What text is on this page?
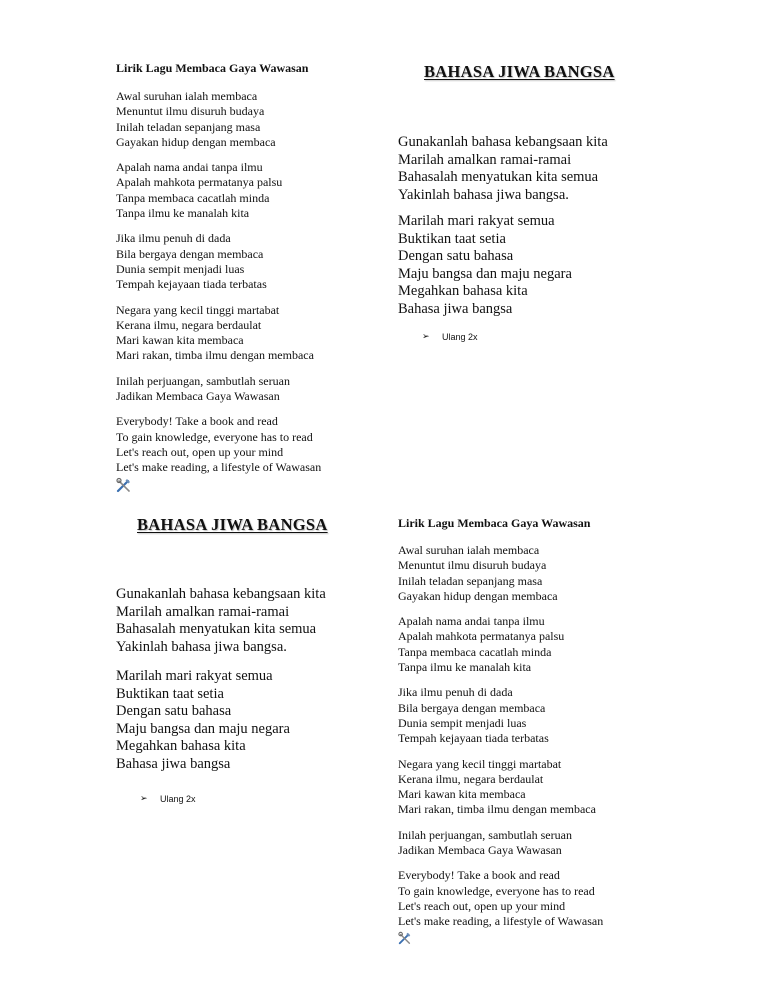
Lirik Lagu Membaca Gaya Wawasan
Awal suruhan ialah membaca
Menuntut ilmu disuruh budaya
Inilah teladan sepanjang masa
Gayakan hidup dengan membaca
Apalah nama andai tanpa ilmu
Apalah mahkota permatanya palsu
Tanpa membaca cacatlah minda
Tanpa ilmu ke manalah kita
Jika ilmu penuh di dada
Bila bergaya dengan membaca
Dunia sempit menjadi luas
Tempah kejayaan tiada terbatas
Negara yang kecil tinggi martabat
Kerana ilmu, negara berdaulat
Mari kawan kita membaca
Mari rakan, timba ilmu dengan membaca
Inilah perjuangan, sambutlah seruan
Jadikan Membaca Gaya Wawasan
Everybody! Take a book and read
To gain knowledge, everyone has to read
Let's reach out, open up your mind
Let's make reading, a lifestyle of Wawasan
BAHASA JIWA BANGSA
Gunakanlah bahasa kebangsaan kita
Marilah amalkan ramai-ramai
Bahasalah menyatukan kita semua
Yakinlah bahasa jiwa bangsa.
Marilah mari rakyat semua
Buktikan taat setia
Dengan satu bahasa
Maju bangsa dan maju negara
Megahkan bahasa kita
Bahasa jiwa bangsa
➢	Ulang 2x
BAHASA JIWA BANGSA
Gunakanlah bahasa kebangsaan kita
Marilah amalkan ramai-ramai
Bahasalah menyatukan kita semua
Yakinlah bahasa jiwa bangsa.
Marilah mari rakyat semua
Buktikan taat setia
Dengan satu bahasa
Maju bangsa dan maju negara
Megahkan bahasa kita
Bahasa jiwa bangsa
➢	Ulang 2x
Lirik Lagu Membaca Gaya Wawasan
Awal suruhan ialah membaca
Menuntut ilmu disuruh budaya
Inilah teladan sepanjang masa
Gayakan hidup dengan membaca
Apalah nama andai tanpa ilmu
Apalah mahkota permatanya palsu
Tanpa membaca cacatlah minda
Tanpa ilmu ke manalah kita
Jika ilmu penuh di dada
Bila bergaya dengan membaca
Dunia sempit menjadi luas
Tempah kejayaan tiada terbatas
Negara yang kecil tinggi martabat
Kerana ilmu, negara berdaulat
Mari kawan kita membaca
Mari rakan, timba ilmu dengan membaca
Inilah perjuangan, sambutlah seruan
Jadikan Membaca Gaya Wawasan
Everybody! Take a book and read
To gain knowledge, everyone has to read
Let's reach out, open up your mind
Let's make reading, a lifestyle of Wawasan
